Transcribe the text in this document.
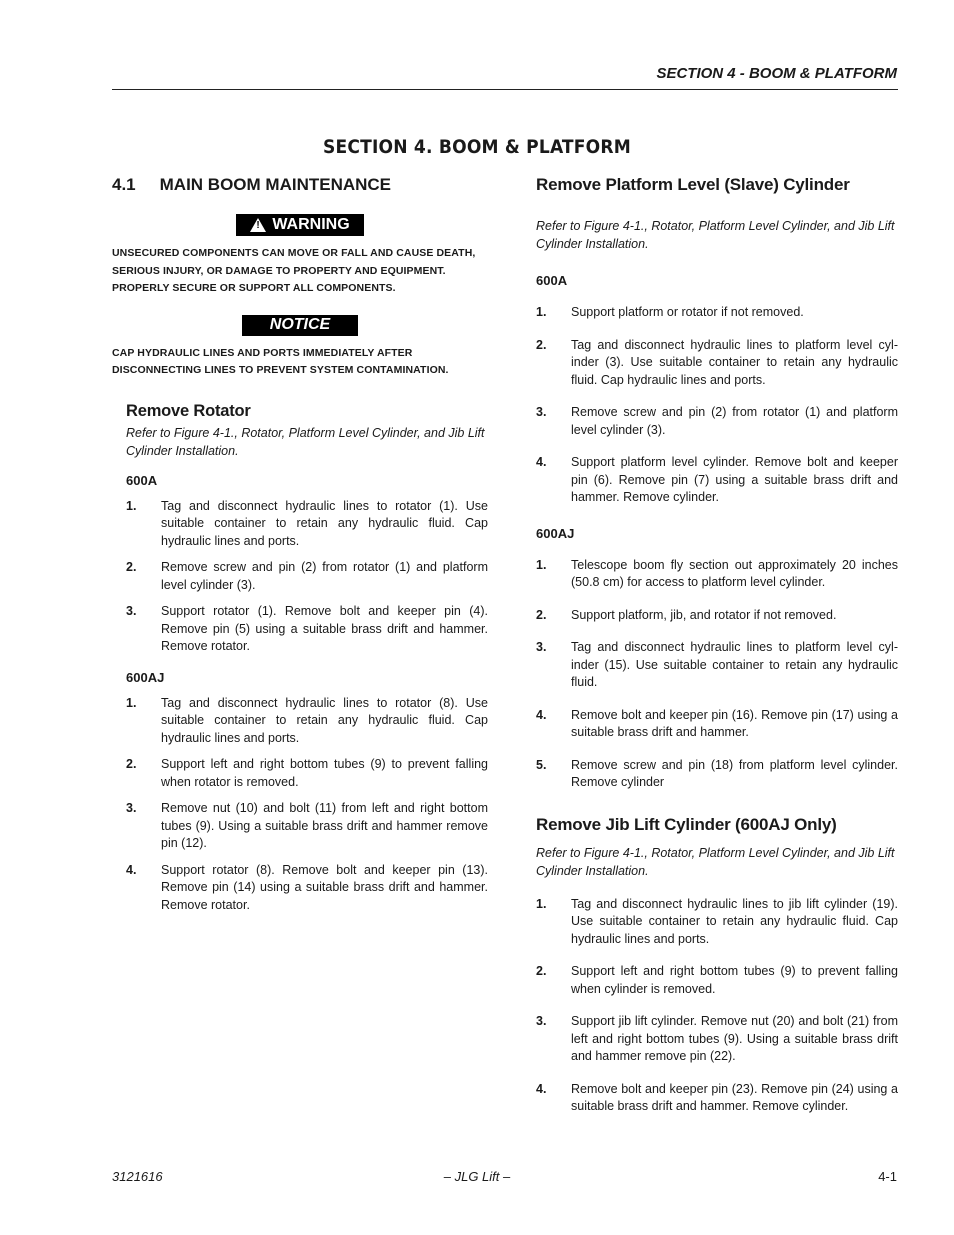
SECTION 4 - BOOM & PLATFORM
SECTION 4. BOOM & PLATFORM
4.1 MAIN BOOM MAINTENANCE
! WARNING

UNSECURED COMPONENTS CAN MOVE OR FALL AND CAUSE DEATH, SERIOUS INJURY, OR DAMAGE TO PROPERTY AND EQUIPMENT. PROPERLY SECURE OR SUPPORT ALL COMPONENTS.

NOTICE

CAP HYDRAULIC LINES AND PORTS IMMEDIATELY AFTER DISCONNECTING LINES TO PREVENT SYSTEM CONTAMINATION.

Remove Rotator

Refer to Figure 4-1., Rotator, Platform Level Cylinder, and Jib Lift Cylinder Installation.

600A

1.	Tag and disconnect hydraulic lines to rotator (1). Use suitable container to retain any hydraulic fluid. Cap hydraulic lines and ports.
2.	Remove screw and pin (2) from rotator (1) and platform level cylinder (3).
3.	Support rotator (1). Remove bolt and keeper pin (4). Remove pin (5) using a suitable brass drift and hammer. Remove rotator.

600AJ

1.	Tag and disconnect hydraulic lines to rotator (8). Use suitable container to retain any hydraulic fluid. Cap hydraulic lines and ports.
2.	Support left and right bottom tubes (9) to prevent falling when rotator is removed.
3.	Remove nut (10) and bolt (11) from left and right bottom tubes (9). Using a suitable brass drift and hammer remove pin (12).
4.	Support rotator (8). Remove bolt and keeper pin (13). Remove pin (14) using a suitable brass drift and hammer. Remove rotator.

Remove Platform Level (Slave) Cylinder

Refer to Figure 4-1., Rotator, Platform Level Cylinder, and Jib Lift Cylinder Installation.

600A

1.	Support platform or rotator if not removed.
2.	Tag and disconnect hydraulic lines to platform level cylinder (3). Use suitable container to retain any hydraulic fluid. Cap hydraulic lines and ports.
3.	Remove screw and pin (2) from rotator (1) and platform level cylinder (3).
4.	Support platform level cylinder. Remove bolt and keeper pin (6). Remove pin (7) using a suitable brass drift and hammer. Remove cylinder.

600AJ

1.	Telescope boom fly section out approximately 20 inches (50.8 cm) for access to platform level cylinder.
2.	Support platform, jib, and rotator if not removed.
3.	Tag and disconnect hydraulic lines to platform level cylinder (15). Use suitable container to retain any hydraulic fluid.
4.	Remove bolt and keeper pin (16). Remove pin (17) using a suitable brass drift and hammer.
5.	Remove screw and pin (18) from platform level cylinder. Remove cylinder

Remove Jib Lift Cylinder (600AJ Only)

Refer to Figure 4-1., Rotator, Platform Level Cylinder, and Jib Lift Cylinder Installation.

1.	Tag and disconnect hydraulic lines to jib lift cylinder (19). Use suitable container to retain any hydraulic fluid. Cap hydraulic lines and ports.
2.	Support left and right bottom tubes (9) to prevent falling when cylinder is removed.
3.	Support jib lift cylinder. Remove nut (20) and bolt (21) from left and right bottom tubes (9). Using a suitable brass drift and hammer remove pin (22).
4.	Remove bolt and keeper pin (23). Remove pin (24) using a suitable brass drift and hammer. Remove cylinder.
3121616	– JLG Lift –	4-1
